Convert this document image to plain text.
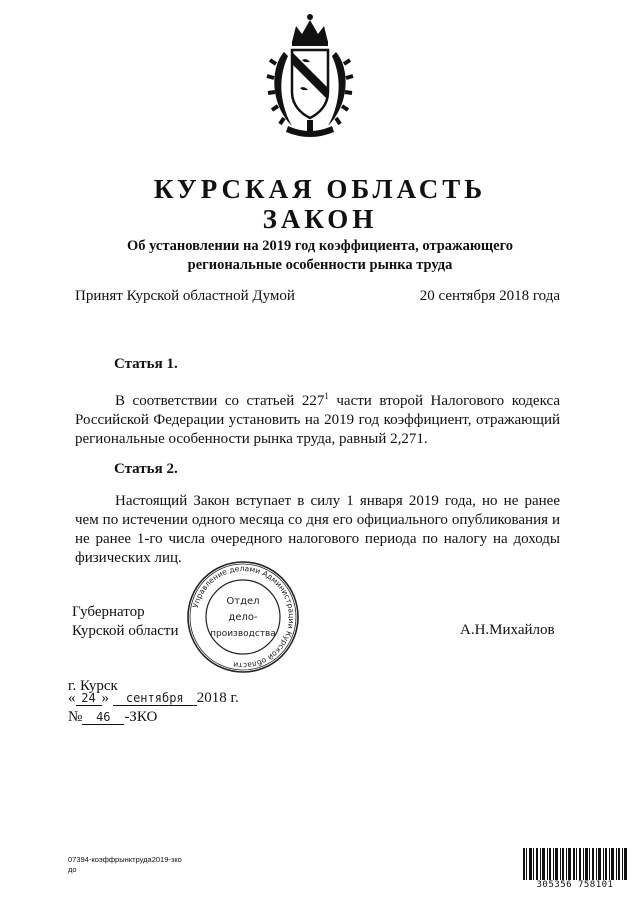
КУРСКАЯ ОБЛАСТЬ
ЗАКОН
Об установлении на 2019 год коэффициента, отражающего
региональные особенности рынка труда
Принят Курской областной Думой	20 сентября 2018 года
Статья 1.
В соответствии со статьей $227^1$ части второй Налогового кодекса Российской Федерации установить на 2019 год коэффициент, отражающий региональные особенности рынка труда, равный 2,271.
Статья 2.
Настоящий Закон вступает в силу 1 января 2019 года, но не ранее чем по истечении одного месяца со дня его официального опубликования и не ранее 1-го числа очередного налогового периода по налогу на доходы физических лиц.
Губернатор
Курской области	А.Н.Михайлов
Управление делами Администрации Курской области
Отдел
дело-
производства
г. Курск
« 24 » сентября 2018 г.
№ 46 -ЗКО
07394-коэффрынктруда2019-зко
до
305356 758101
